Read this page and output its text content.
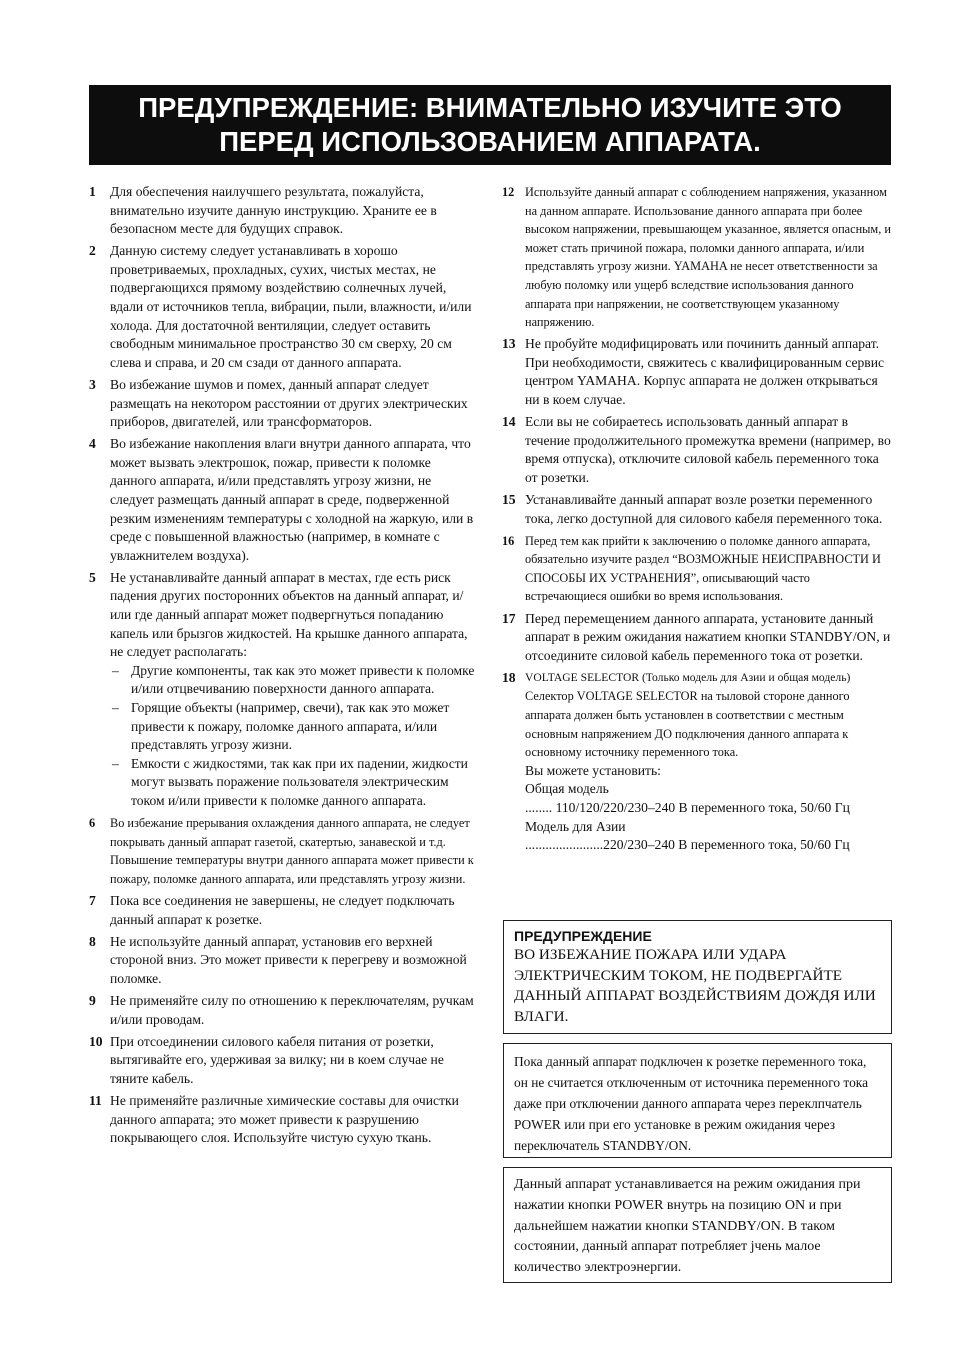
ПРЕДУПРЕЖДЕНИЕ: ВНИМАТЕЛЬНО ИЗУЧИТЕ ЭТО
ПЕРЕД ИСПОЛЬЗОВАНИЕМ АППАРАТА.
1 Для обеспечения наилучшего результата, пожалуйста, внимательно изучите данную инструкцию. Храните ее в безопасном месте для будущих справок.

2 Данную систему следует устанавливать в хорошо проветриваемых, прохладных, сухих, чистых местах, не подвергающихся прямому воздействию солнечных лучей, вдали от источников тепла, вибрации, пыли, влажности, и/или холода. Для достаточной вентиляции, следует оставить свободным минимальное пространство 30 см сверху, 20 см слева и справа, и 20 см сзади от данного аппарата.

3 Во избежание шумов и помех, данный аппарат следует размещать на некотором расстоянии от других электрических приборов, двигателей, или трансформаторов.

4 Во избежание накопления влаги внутри данного аппарата, что может вызвать электрошок, пожар, привести к поломке данного аппарата, и/или представлять угрозу жизни, не следует размещать данный аппарат в среде, подверженной резким изменениям температуры с холодной на жаркую, или в среде с повышенной влажностью (например, в комнате с увлажнителем воздуха).

5 Не устанавливайте данный аппарат в местах, где есть риск падения других посторонних объектов на данный аппарат, и/или где данный аппарат может подвергнуться попаданию капель или брызгов жидкостей. На крышке данного аппарата, не следует располагать:

– Другие компоненты, так как это может привести к поломке и/или отцвечиванию поверхности данного аппарата.
– Горящие объекты (например, свечи), так как это может привести к пожару, поломке данного аппарата, и/или представлять угрозу жизни.
– Емкости с жидкостями, так как при их падении, жидкости могут вызвать поражение пользователя электрическим током и/или привести к поломке данного аппарата.
6 Во избежание прерывания охлаждения данного аппарата, не следует покрывать данный аппарат газетой, скатертью, занавеской и т.д. Повышение температуры внутри данного аппарата может привести к пожару, поломке данного аппарата, или представлять угрозу жизни.

7 Пока все соединения не завершены, не следует подключать данный аппарат к розетке.

8 Не используйте данный аппарат, установив его верхней стороной вниз. Это может привести к перегреву и возможной поломке.

9 Не применяйте силу по отношению к переключателям, ручкам и/или проводам.

10 При отсоединении силового кабеля питания от розетки, вытягивайте его, удерживая за вилку; ни в коем случае не тяните кабель.

11 Не применяйте различные химические составы для очистки данного аппарата; это может привести к разрушению покрывающего слоя. Используйте чистую сухую ткань.

12 Используйте данный аппарат с соблюдением напряжения, указанном на данном аппарате. Использование данного аппарата при более высоком напряжении, превышающем указанное, является опасным, и может стать причиной пожара, поломки данного аппарата, и/или представлять угрозу жизни. YAMAHA не несет ответственности за любую поломку или ущерб вследствие использования данного аппарата при напряжении, не соответствующем указанному напряжению.

13 Не пробуйте модифицировать или починить данный аппарат. При необходимости, свяжитесь с квалифицированным сервис центром YAMAHA. Корпус аппарата не должен открываться ни в коем случае.

14 Если вы не собираетесь использовать данный аппарат в течение продолжительного промежутка времени (например, во время отпуска), отключите силовой кабель переменного тока от розетки.

15 Устанавливайте данный аппарат возле розетки переменного тока, легко доступной для силового кабеля переменного тока.

16 Перед тем как прийти к заключению о поломке данного аппарата, обязательно изучите раздел “ВОЗМОЖНЫЕ НЕИСПРАВНОСТИ И СПОСОБЫ ИХ УСТРАНЕНИЯ”, описывающий часто встречающиеся ошибки во время использования.

17 Перед перемещением данного аппарата, установите данный аппарат в режим ожидания нажатием кнопки STANDBY/ON, и отсоедините силовой кабель переменного тока от розетки.

18 VOLTAGE SELECTOR (Только модель для Азии и общая модель)

Селектор VOLTAGE SELECTOR на тыловой стороне данного аппарата должен быть установлен в соответствии с местным основным напряжением ДО подключения данного аппарата к основному источнику переменного тока.

Вы можете установить:

Общая модель

........ 110/120/220/230–240 В переменного тока, 50/60 Гц

Модель для Азии

.......................220/230–240 В переменного тока, 50/60 Гц

ПРЕДУПРЕЖДЕНИЕ
ВО ИЗБЕЖАНИЕ ПОЖАРА ИЛИ УДАРА ЭЛЕКТРИЧЕСКИМ ТОКОМ, НЕ ПОДВЕРГАЙТЕ ДАННЫЙ АППАРАТ ВОЗДЕЙСТВИЯМ ДОЖДЯ ИЛИ ВЛАГИ.
Пока данный аппарат подключен к розетке переменного тока, он не считается отключенным от источника переменного тока даже при отключении данного аппарата через переклпчатель POWER или при его установке в режим ожидания через переключатель STANDBY/ON.
Данный аппарат устанавливается на режим ожидания при нажатии кнопки POWER внутрь на позицию ON и при дальнейшем нажатии кнопки STANDBY/ON. В таком состоянии, данный аппарат потребляет јчень малое количество электроэнергии.
